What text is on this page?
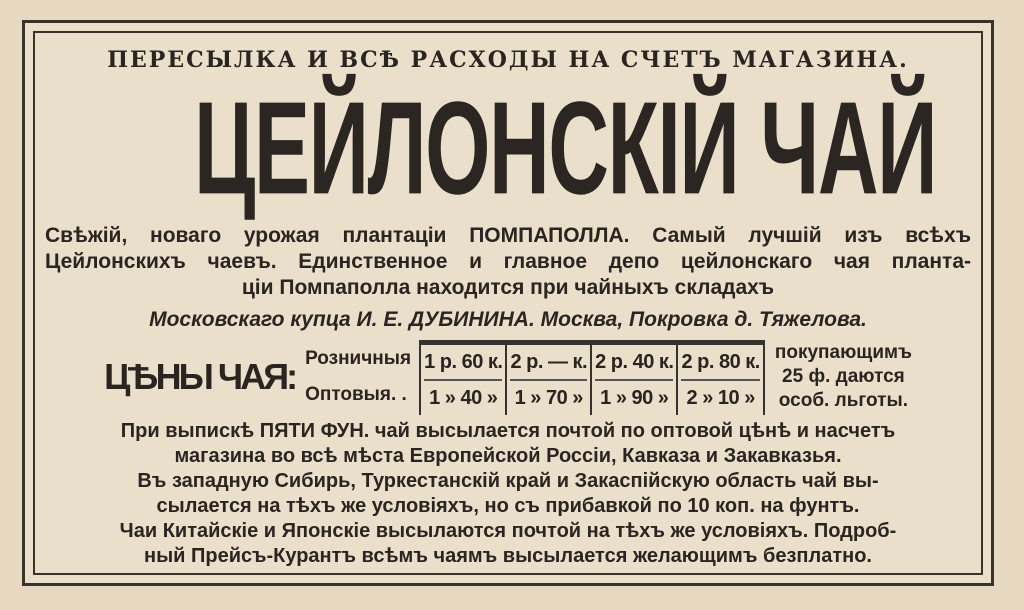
ПЕРЕСЫЛКА И ВСѢ РАСХОДЫ НА СЧЕТЪ МАГАЗИНА.
ЦЕЙЛОНСКІЙ ЧАЙ

Свѣжій, новаго урожая плантаціи ПОМПАПОЛЛА. Самый лучшій изъ всѣхъ

Цейлонскихъ чаевъ. Единственное и главное депо цейлонскаго чая планта-

ціи Помпаполла находится при чайныхъ складахъ

Московскаго купца И. Е. ДУБИНИНА. Москва, Покровка д. Тяжелова.

ЦѢНЫ ЧАЯ: Розничныя
Оптовыя. .
1 р. 60 к.
1 » 40 »
2 р. — к.
1 » 70 »
2 р. 40 к.
1 » 90 »
2 р. 80 к.
2 » 10 »
покупающимъ
25 ф. даются
особ. льготы.

При выпискѣ ПЯТИ ФУН. чай высылается почтой по оптовой цѣнѣ и насчетъ

магазина во всѣ мѣста Европейской Россіи, Кавказа и Закавказья.

Въ западную Сибирь, Туркестанскій край и Закаспійскую область чай вы-

сылается на тѣхъ же условіяхъ, но съ прибавкой по 10 коп. на фунтъ.

Чаи Китайскіе и Японскіе высылаются почтой на тѣхъ же условіяхъ. Подроб-

ный Прейсъ-Курантъ всѣмъ чаямъ высылается желающимъ безплатно.
